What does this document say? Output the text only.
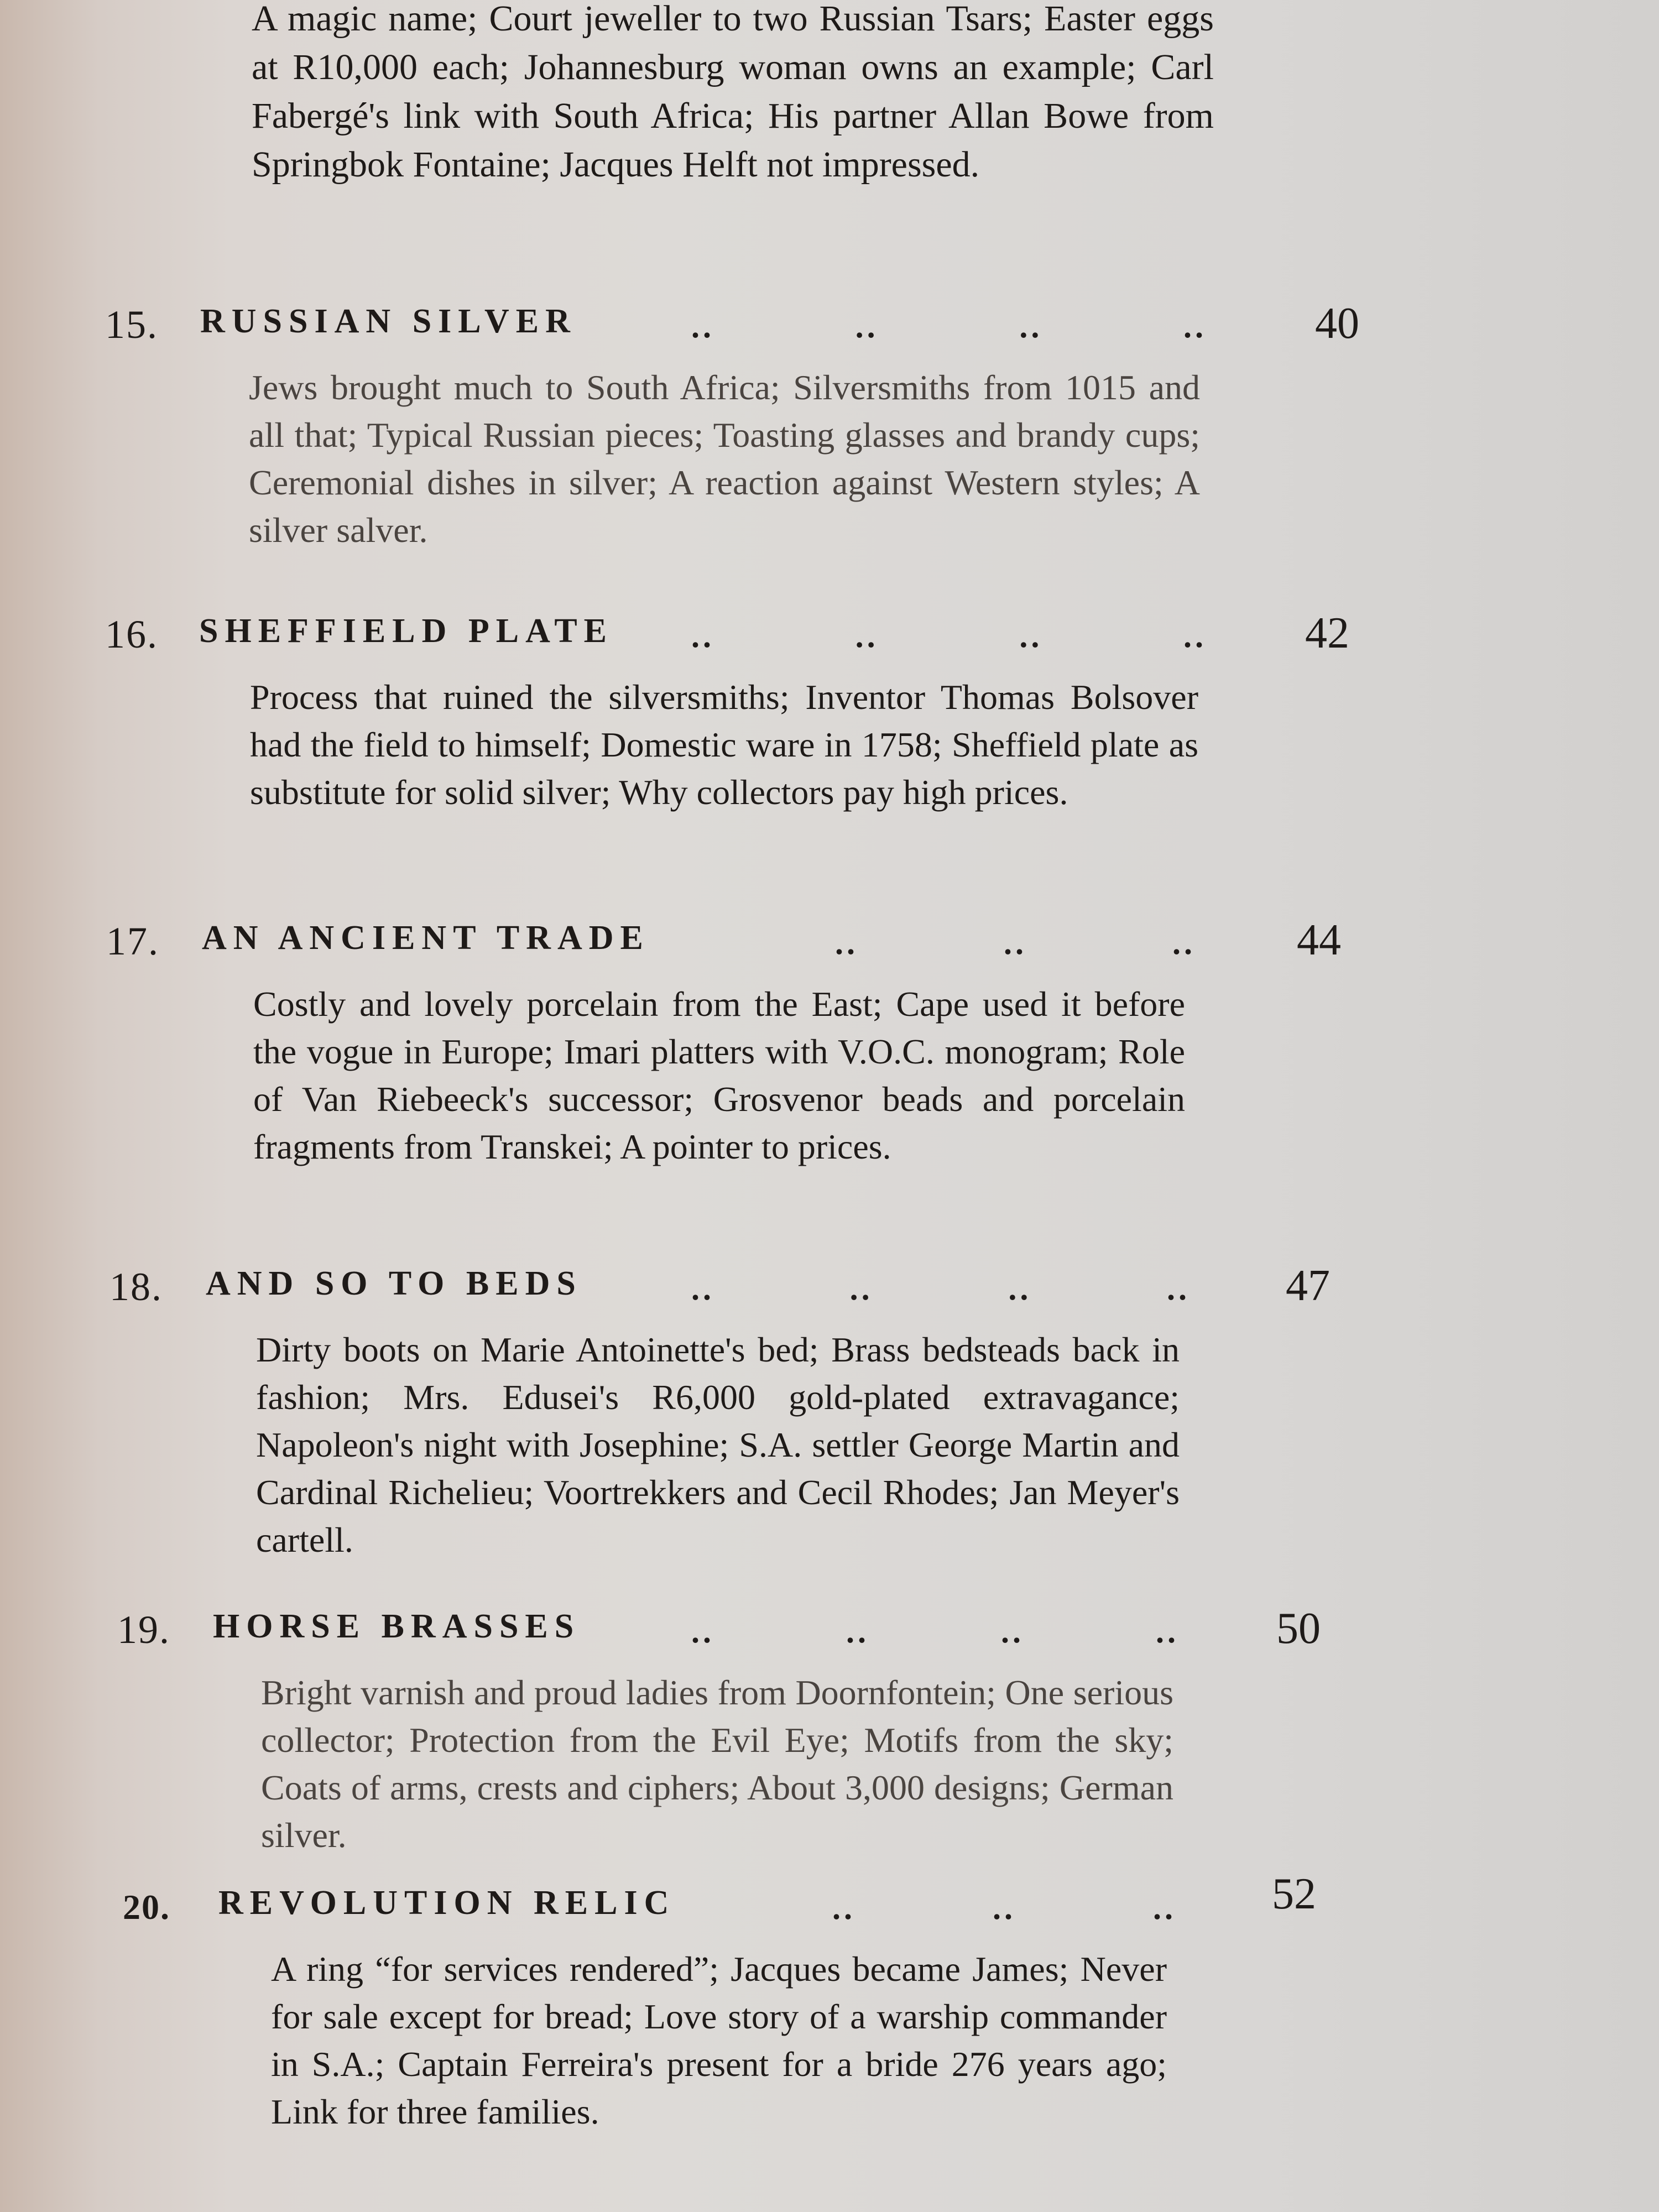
A magic name; Court jeweller to two Russian Tsars; Easter eggs at R10,000 each; Johannesburg woman owns an example; Carl Fabergé's link with South Africa; His partner Allan Bowe from Springbok Fontaine; Jacques Helft not impressed.
15. RUSSIAN SILVER	..	..	..	..	40
Jews brought much to South Africa; Silversmiths from 1015 and all that; Typical Russian pieces; Toasting glasses and brandy cups; Ceremonial dishes in silver; A reaction against Western styles; A silver salver.
16. SHEFFIELD PLATE ..	..	..	..	42
Process that ruined the silversmiths; Inventor Thomas Bolsover had the field to himself; Domestic ware in 1758; Sheffield plate as substitute for solid silver; Why collectors pay high prices.
17. AN ANCIENT TRADE	..	..	..	44
Costly and lovely porcelain from the East; Cape used it before the vogue in Europe; Imari platters with V.O.C. monogram; Role of Van Riebeeck's successor; Grosvenor beads and porcelain fragments from Transkei; A pointer to prices.
18. AND SO TO BEDS	..	..	..	..	47
Dirty boots on Marie Antoinette's bed; Brass bedsteads back in fashion; Mrs. Edusei's R6,000 gold-plated extravagance; Napoleon's night with Josephine; S.A. settler George Martin and Cardinal Richelieu; Voortrekkers and Cecil Rhodes; Jan Meyer's cartell.
19. HORSE BRASSES	..	..	..	..	50
Bright varnish and proud ladies from Doornfontein; One serious collector; Protection from the Evil Eye; Motifs from the sky; Coats of arms, crests and ciphers; About 3,000 designs; German silver.
20. REVOLUTION RELIC	..	..	..	52
A ring “for services rendered”; Jacques became James; Never for sale except for bread; Love story of a warship commander in S.A.; Captain Ferreira's present for a bride 276 years ago; Link for three families.
